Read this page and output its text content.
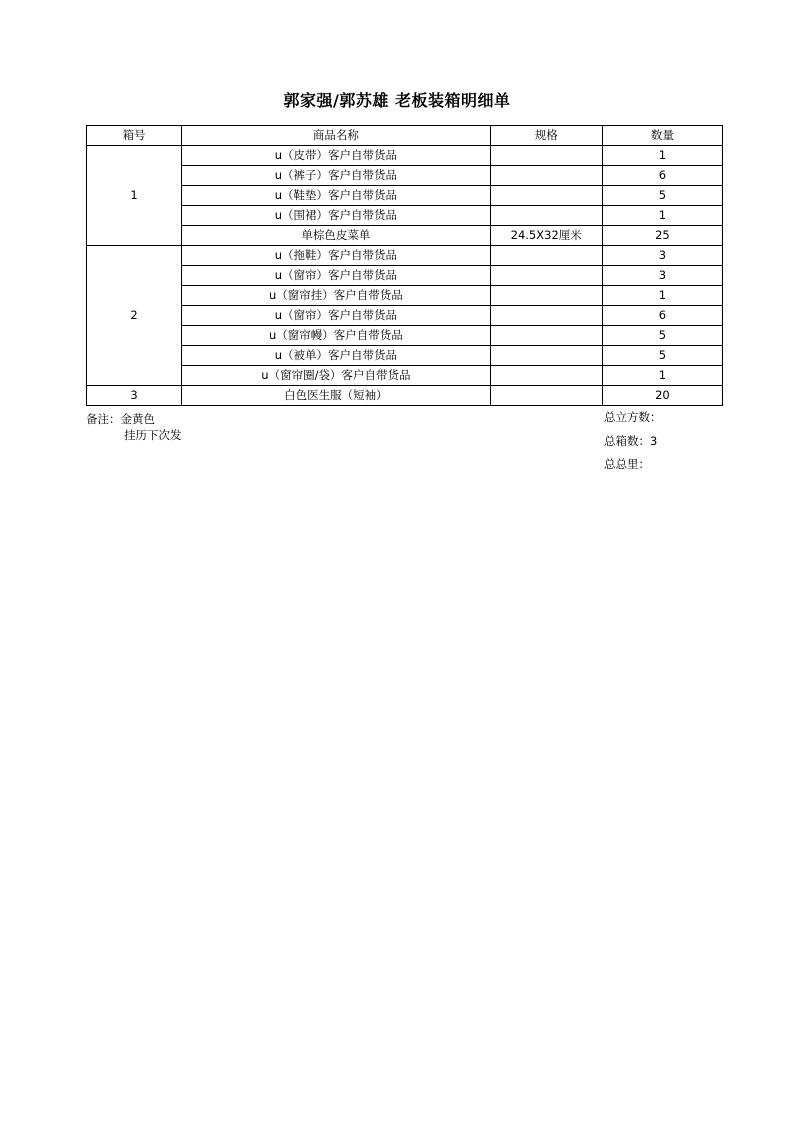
郭家强/郭苏雄 老板装箱明细单
箱号	商品名称	规格	数量
1	u（皮带）客户自带货品		1
	u（裤子）客户自带货品		6
	u（鞋垫）客户自带货品		5
	u（围裙）客户自带货品		1
	单棕色皮菜单	24.5X32厘米	25
2	u（拖鞋）客户自带货品		3
	u（窗帘）客户自带货品		3
	u（窗帘挂）客户自带货品		1
	u（窗帘）客户自带货品		6
	u（窗帘幔）客户自带货品		5
	u（被单）客户自带货品		5
	u（窗帘圈/袋）客户自带货品		1
3	白色医生服（短袖）		20
备注：金黄色
挂历下次发
总立方数：
总箱数：3
总总里：
